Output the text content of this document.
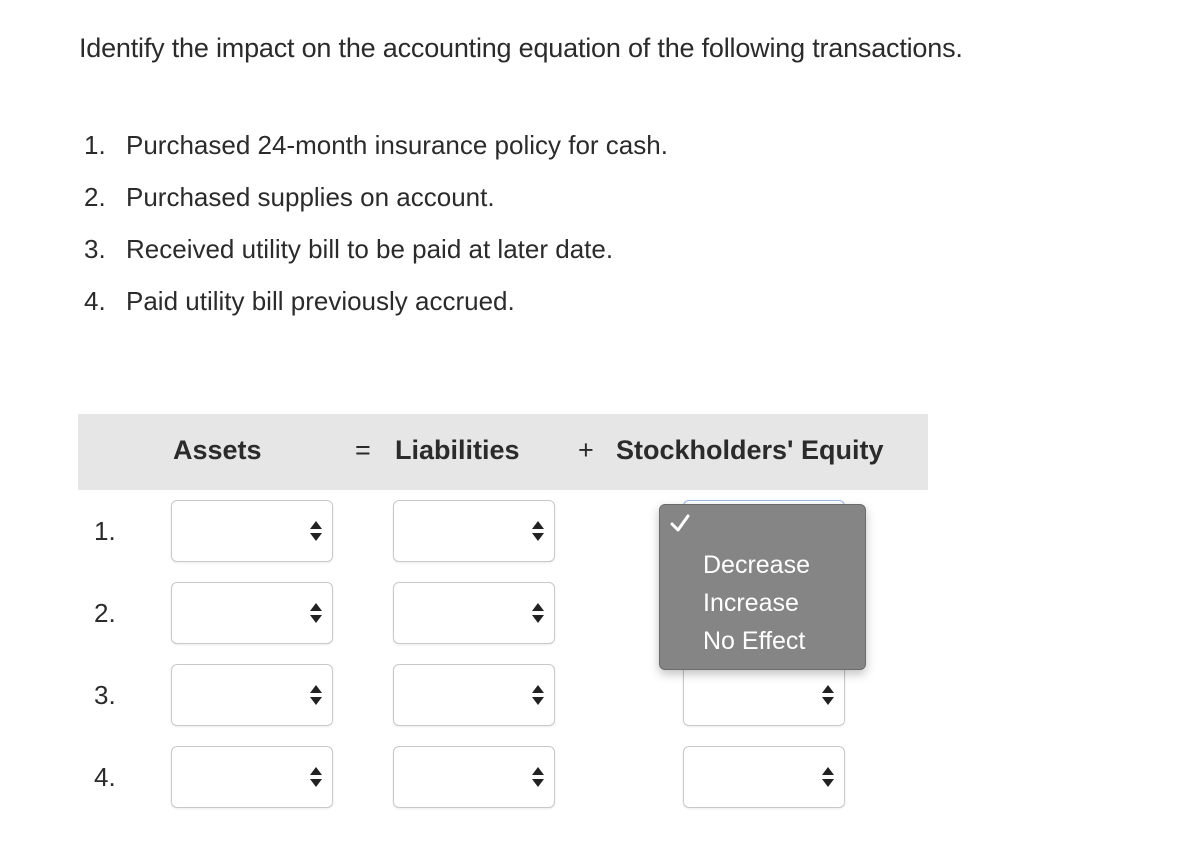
Identify the impact on the accounting equation of the following transactions.
1. Purchased 24-month insurance policy for cash.
2. Purchased supplies on account.
3. Received utility bill to be paid at later date.
4. Paid utility bill previously accrued.
Assets	= Liabilities + Stockholders' Equity
1.
2.
3.
4.
Decrease
Increase
No Effect
